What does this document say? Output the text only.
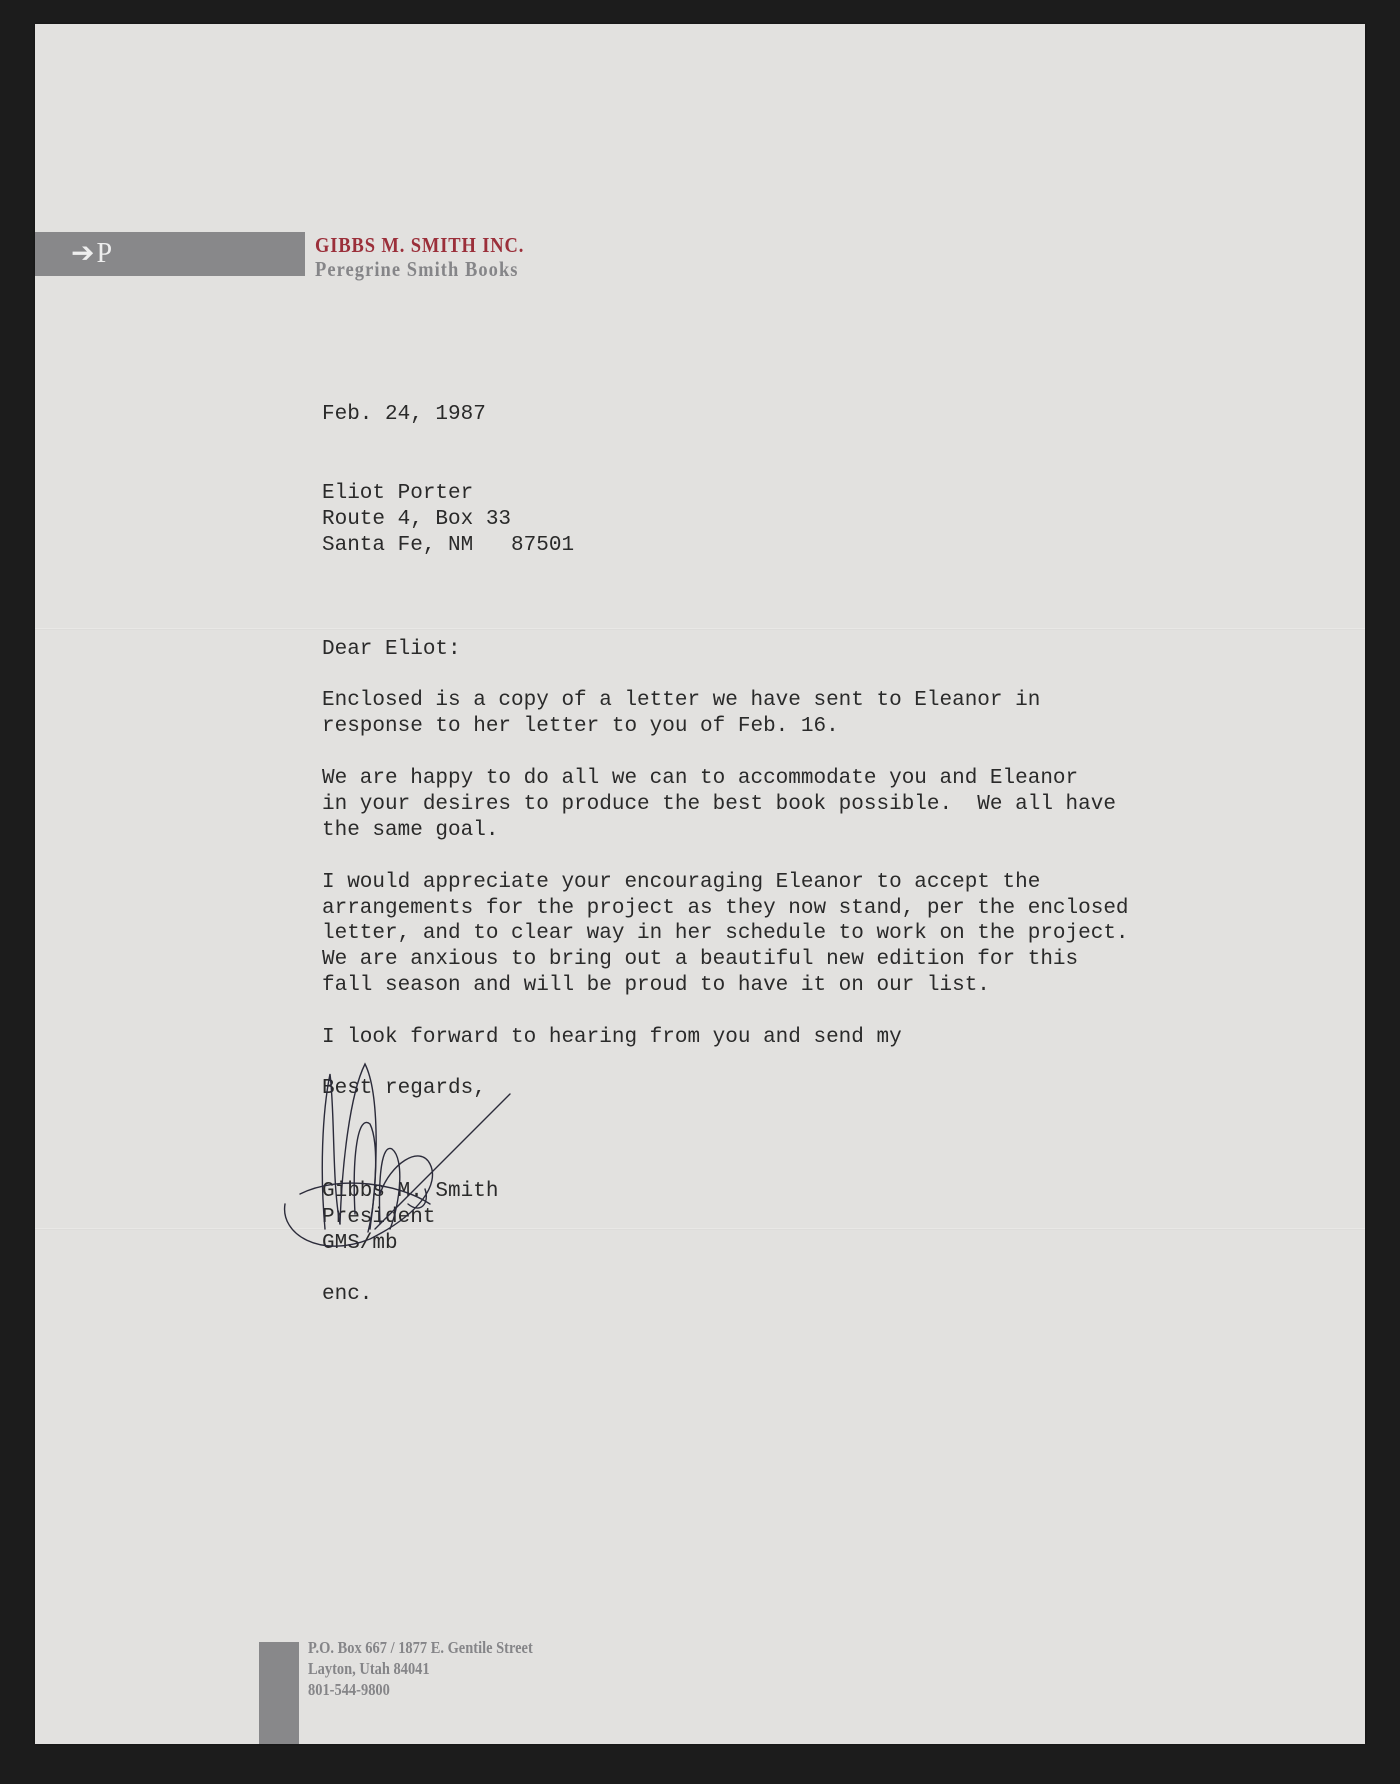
➔P	GIBBS M. SMITH INC.
Peregrine Smith Books

Feb. 24, 1987

Eliot Porter

Route 4, Box 33

Santa Fe, NM   87501

Dear Eliot:

Enclosed is a copy of a letter we have sent to Eleanor in

response to her letter to you of Feb. 16.

We are happy to do all we can to accommodate you and Eleanor

in your desires to produce the best book possible.  We all have

the same goal.

I would appreciate your encouraging Eleanor to accept the

arrangements for the project as they now stand, per the enclosed

letter, and to clear way in her schedule to work on the project.

We are anxious to bring out a beautiful new edition for this

fall season and will be proud to have it on our list.

I look forward to hearing from you and send my

Best regards,

Gibbs M. Smith

President

GMS/mb

enc.

P.O. Box 667 / 1877 E. Gentile Street
Layton, Utah 84041
801-544-9800
